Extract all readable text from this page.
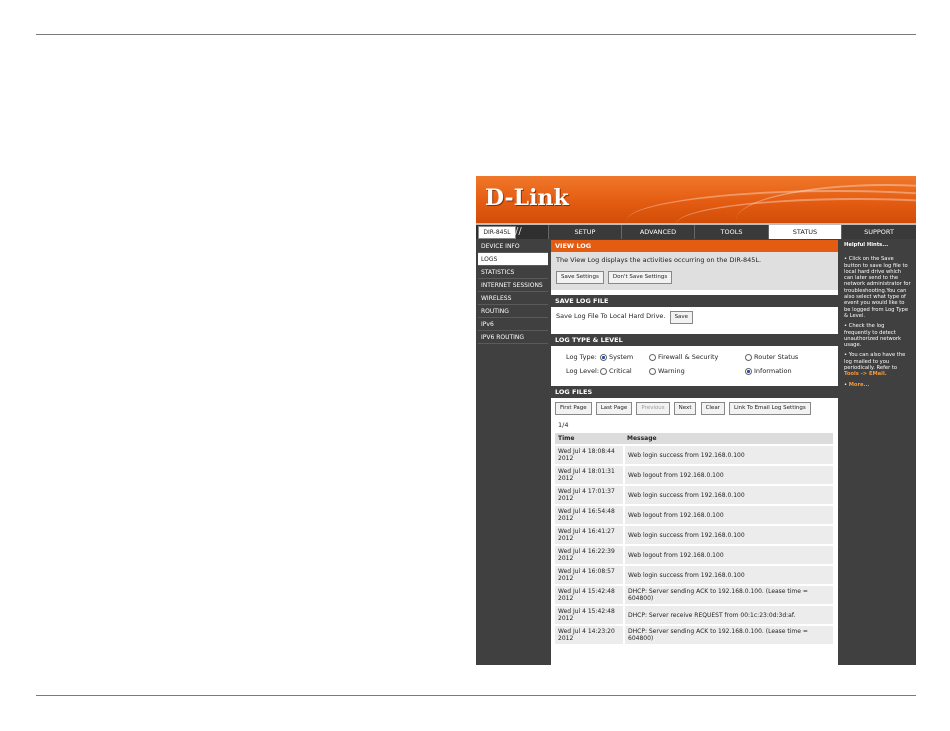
D-Link
DIR-845L //	SETUP	ADVANCED	TOOLS	STATUS	SUPPORT
DEVICE INFO
LOGS
STATISTICS
INTERNET SESSIONS
WIRELESS
ROUTING
IPv6
IPV6 ROUTING
VIEW LOG
The View Log displays the activities occurring on the DIR-845L.
Save Settings	Don't Save Settings
SAVE LOG FILE
Save Log File To Local Hard Drive. Save
LOG TYPE & LEVEL
Log Type:	System	Firewall & Security	Router Status
Log Level: Critical	Warning	Information
LOG FILES
First Page	Last Page	Previous	Next	Clear	Link To Email Log Settings
1/4
Time	Message
Wed Jul 4 18:08:44 2012	Web login success from 192.168.0.100
Wed Jul 4 18:01:31 2012	Web logout from 192.168.0.100
Wed Jul 4 17:01:37 2012	Web login success from 192.168.0.100
Wed Jul 4 16:54:48 2012	Web logout from 192.168.0.100
Wed Jul 4 16:41:27 2012	Web login success from 192.168.0.100
Wed Jul 4 16:22:39 2012	Web logout from 192.168.0.100
Wed Jul 4 16:08:57 2012	Web login success from 192.168.0.100
Wed Jul 4 15:42:48 2012	DHCP: Server sending ACK to 192.168.0.100. (Lease time = 604800)
Wed Jul 4 15:42:48 2012	DHCP: Server receive REQUEST from 00:1c:23:0d:3d:af.
Wed Jul 4 14:23:20 2012	DHCP: Server sending ACK to 192.168.0.100. (Lease time = 604800)
Helpful Hints...

• Click on the Save button to save log file to local hard drive which can later send to the network administrator for troubleshooting.You can also select what type of event you would like to be logged from Log Type & Level.

• Check the log frequently to detect unauthorized network usage.

• You can also have the log mailed to you periodically. Refer to Tools -> EMail.

• More...
